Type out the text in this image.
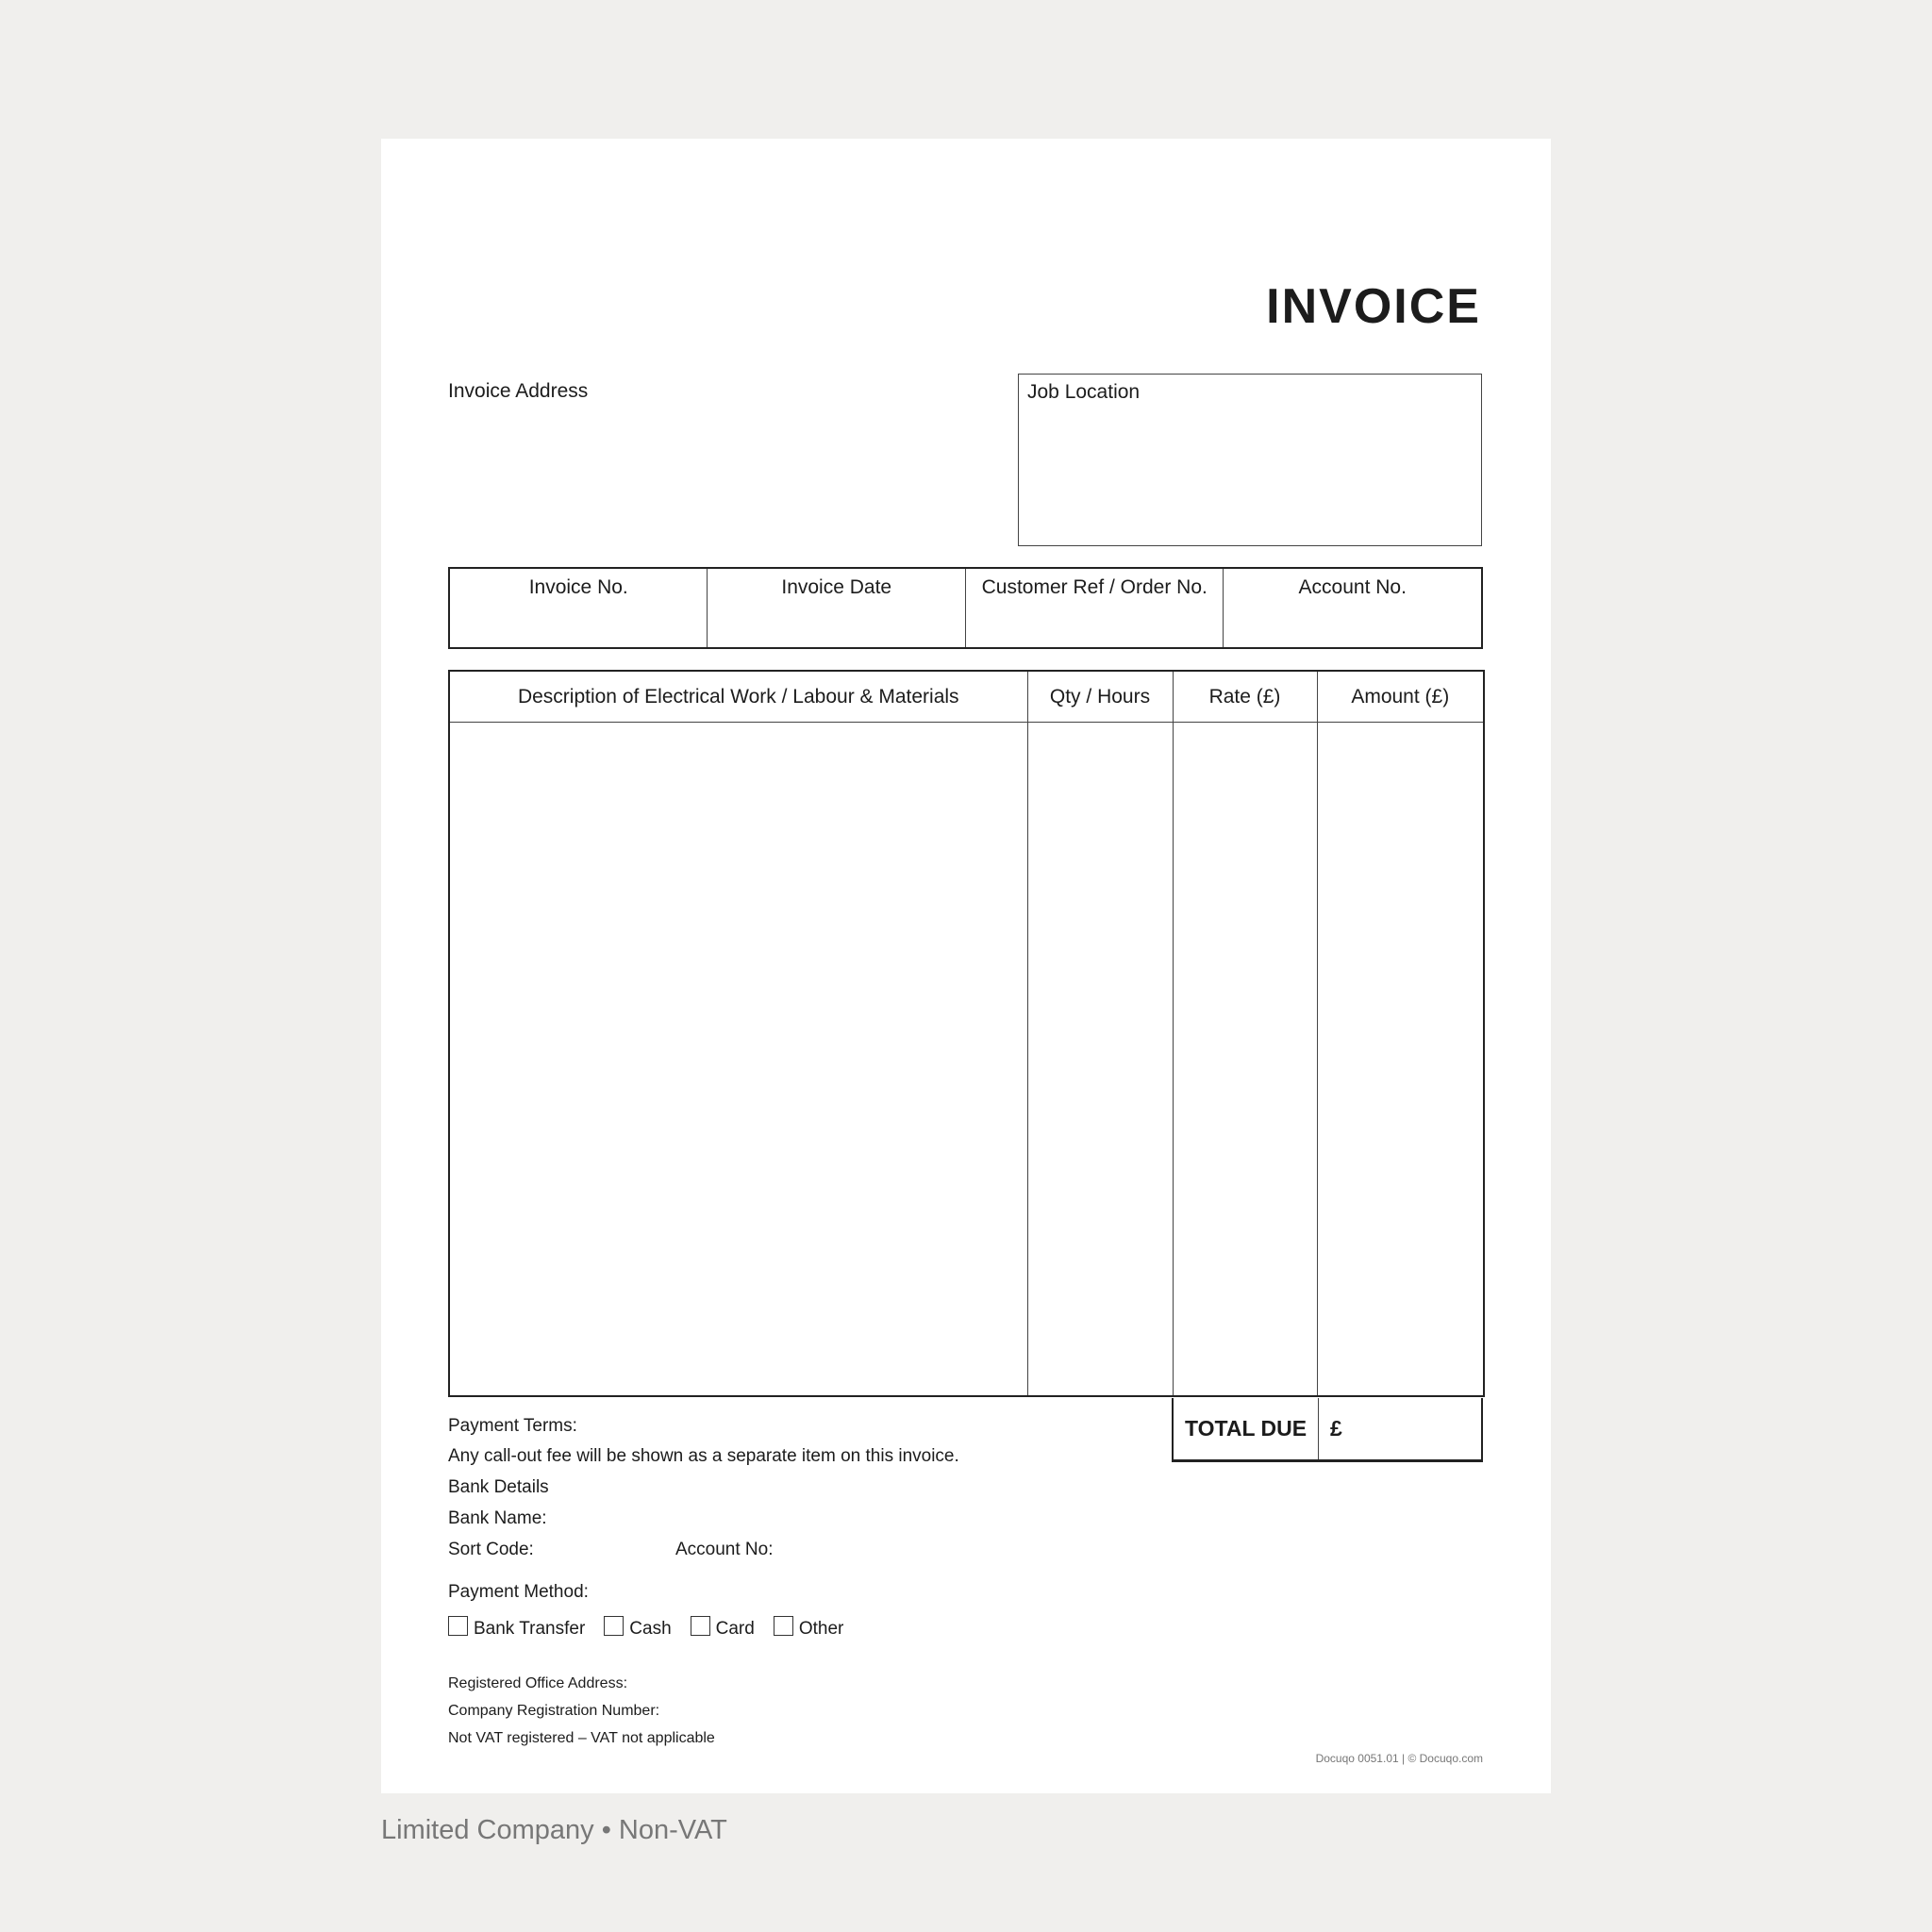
INVOICE
Invoice Address	Job Location
Invoice No.	Invoice Date	Customer Ref / Order No.	Account No.
Description of Electrical Work / Labour & Materials	Qty / Hours	Rate (£)	Amount (£)

TOTAL DUE	£
Payment Terms:
Any call-out fee will be shown as a separate item on this invoice.
Bank Details
Bank Name:
Sort Code:	Account No:
Payment Method:
Bank Transfer Cash Card Other
Registered Office Address:
Company Registration Number:
Not VAT registered – VAT not applicable
Docuqo 0051.01 | © Docuqo.com
Limited Company • Non-VAT
